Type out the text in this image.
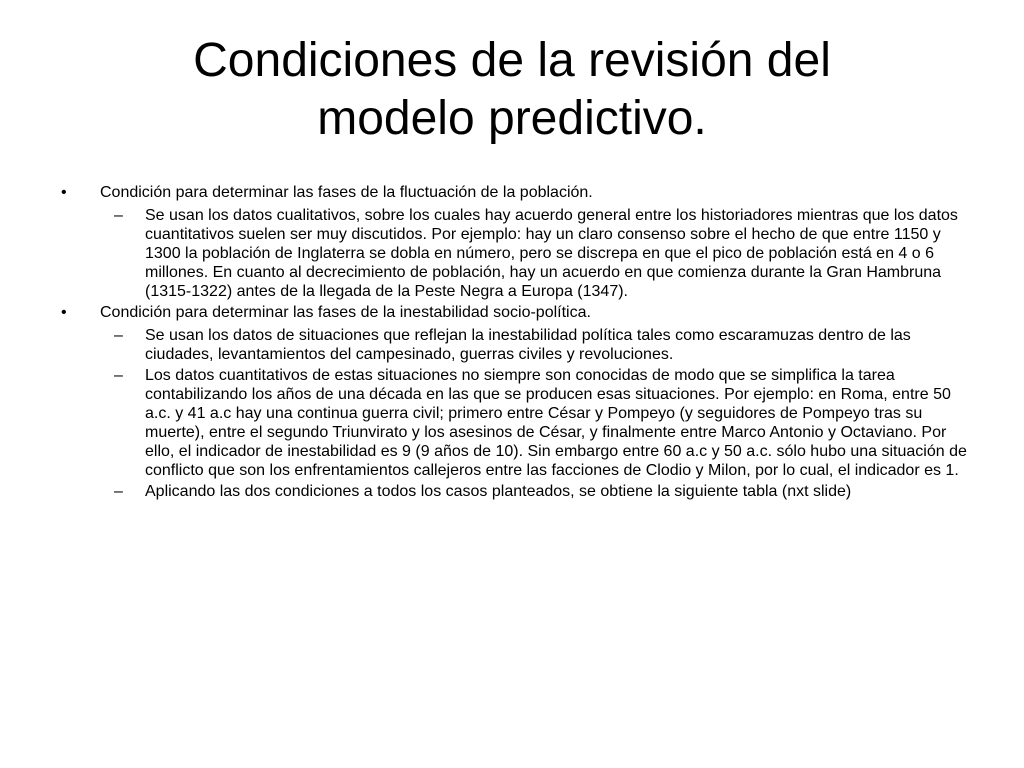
Condiciones de la revisión del
modelo predictivo.
• Condición para determinar las fases de la fluctuación de la población.
– Se usan los datos cualitativos, sobre los cuales hay acuerdo general entre los historiadores mientras que los datos cuantitativos suelen ser muy discutidos. Por ejemplo: hay un claro consenso sobre el hecho de que entre 1150 y 1300 la población de Inglaterra se dobla en número, pero se discrepa en que el pico de población está en 4 o 6 millones. En cuanto al decrecimiento de población, hay un acuerdo en que comienza durante la Gran Hambruna (1315-1322) antes de la llegada de la Peste Negra a Europa (1347).
• Condición para determinar las fases de la inestabilidad socio-política.
– Se usan los datos de situaciones que reflejan la inestabilidad política tales como escaramuzas dentro de las ciudades, levantamientos del campesinado, guerras civiles y revoluciones.
– Los datos cuantitativos de estas situaciones no siempre son conocidas de modo que se simplifica la tarea contabilizando los años de una década en las que se producen esas situaciones. Por ejemplo: en Roma, entre 50 a.c. y 41 a.c hay una continua guerra civil; primero entre César y Pompeyo (y seguidores de Pompeyo tras su muerte), entre el segundo Triunvirato y los asesinos de César, y finalmente entre Marco Antonio y Octaviano. Por ello, el indicador de inestabilidad es 9 (9 años de 10). Sin embargo entre 60 a.c y 50 a.c. sólo hubo una situación de conflicto que son los enfrentamientos callejeros entre las facciones de Clodio y Milon, por lo cual, el indicador es 1.
– Aplicando las dos condiciones a todos los casos planteados, se obtiene la siguiente tabla (nxt slide)
